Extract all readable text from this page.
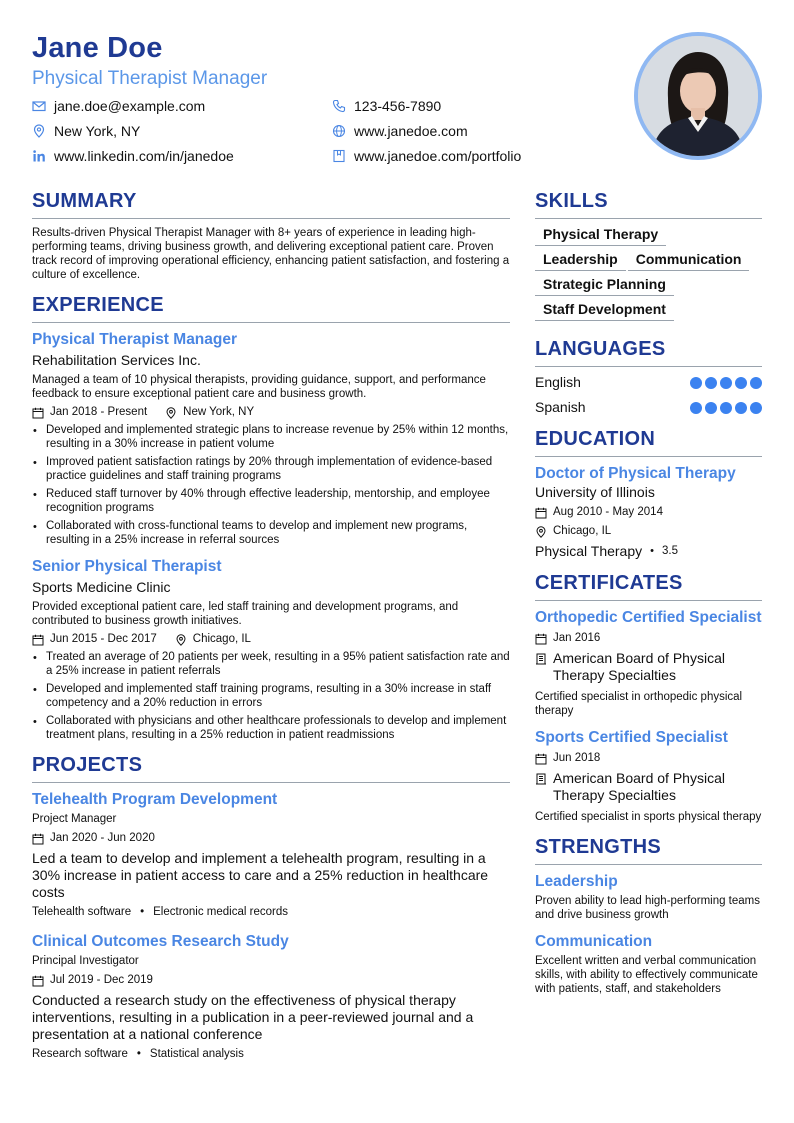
Jane Doe
Physical Therapist Manager
jane.doe@example.com	123-456-7890
New York, NY	www.janedoe.com
www.linkedin.com/in/janedoe	www.janedoe.com/portfolio
SUMMARY
Results-driven Physical Therapist Manager with 8+ years of experience in leading high-performing teams, driving business growth, and delivering exceptional patient care. Proven track record of improving operational efficiency, enhancing patient satisfaction, and fostering a culture of excellence.
EXPERIENCE
Physical Therapist Manager
Rehabilitation Services Inc.
Managed a team of 10 physical therapists, providing guidance, support, and performance feedback to ensure exceptional patient care and business growth.
Jan 2018 - Present	New York, NY
• Developed and implemented strategic plans to increase revenue by 25% within 12 months, resulting in a 30% increase in patient volume
• Improved patient satisfaction ratings by 20% through implementation of evidence-based practice guidelines and staff training programs
• Reduced staff turnover by 40% through effective leadership, mentorship, and employee recognition programs
• Collaborated with cross-functional teams to develop and implement new programs, resulting in a 25% increase in referral sources
Senior Physical Therapist
Sports Medicine Clinic
Provided exceptional patient care, led staff training and development programs, and contributed to business growth initiatives.
Jun 2015 - Dec 2017	Chicago, IL
• Treated an average of 20 patients per week, resulting in a 95% patient satisfaction rate and a 25% increase in patient referrals
• Developed and implemented staff training programs, resulting in a 30% increase in staff competency and a 20% reduction in errors
• Collaborated with physicians and other healthcare professionals to develop and implement treatment plans, resulting in a 25% reduction in patient readmissions
PROJECTS
Telehealth Program Development
Project Manager
Jan 2020 - Jun 2020
Led a team to develop and implement a telehealth program, resulting in a 30% increase in patient access to care and a 25% reduction in healthcare costs
Telehealth software • Electronic medical records
Clinical Outcomes Research Study
Principal Investigator
Jul 2019 - Dec 2019
Conducted a research study on the effectiveness of physical therapy interventions, resulting in a publication in a peer-reviewed journal and a presentation at a national conference
Research software • Statistical analysis
SKILLS
Physical Therapy
Leadership	Communication
Strategic Planning
Staff Development
LANGUAGES
English
Spanish
EDUCATION
Doctor of Physical Therapy
University of Illinois
Aug 2010 - May 2014
Chicago, IL
Physical Therapy • 3.5
CERTIFICATES
Orthopedic Certified Specialist
Jan 2016
American Board of Physical Therapy Specialties
Certified specialist in orthopedic physical therapy
Sports Certified Specialist
Jun 2018
American Board of Physical Therapy Specialties
Certified specialist in sports physical therapy
STRENGTHS
Leadership
Proven ability to lead high-performing teams and drive business growth
Communication
Excellent written and verbal communication skills, with ability to effectively communicate with patients, staff, and stakeholders
